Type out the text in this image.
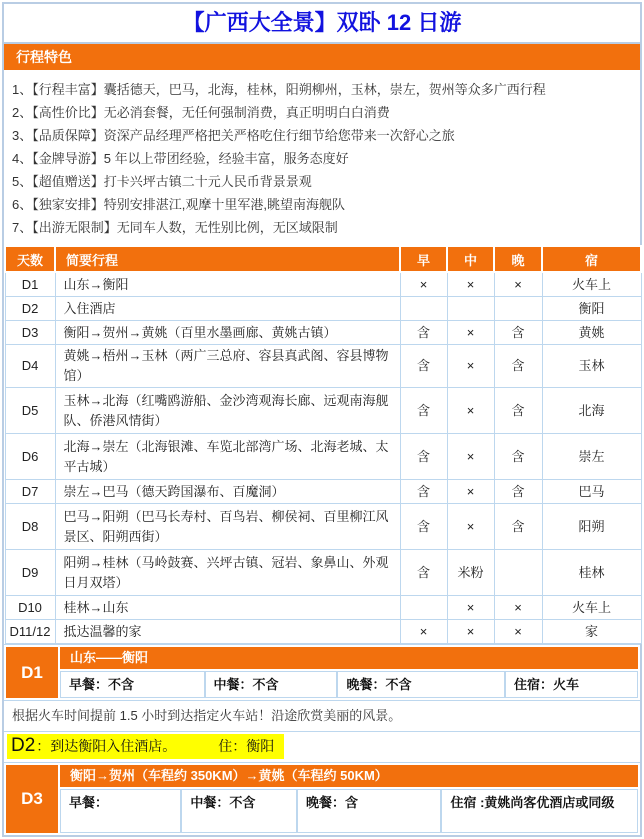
【广西大全景】双卧 12 日游
行程特色
1、【行程丰富】囊括德天，巴马，北海，桂林，阳朔柳州，玉林，崇左，贺州等众多广西行程
2、【高性价比】无必消套餐，无任何强制消费，真正明明白白消费
3、【品质保障】资深产品经理严格把关严格吃住行细节给您带来一次舒心之旅
4、【金牌导游】5 年以上带团经验，经验丰富，服务态度好
5、【超值赠送】打卡兴坪古镇二十元人民币背景景观
6、【独家安排】特别安排湛江,观摩十里军港,眺望南海舰队
7、【出游无限制】无同车人数，无性别比例，无区域限制
天数	简要行程	早	中	晚	宿
D1	山东→衡阳	×	×	×	火车上
D2	入住酒店				衡阳
D3	衡阳→贺州→黄姚（百里水墨画廊、黄姚古镇）	含	×	含	黄姚
D4	黄姚→梧州→玉林（两广三总府、容县真武阁、容县博物馆）	含	×	含	玉林
D5	玉林→北海（红嘴鸥游船、金沙湾观海长廊、远观南海舰队、侨港风情街）	含	×	含	北海
D6	北海→崇左（北海银滩、车览北部湾广场、北海老城、太平古城）	含	×	含	崇左
D7	崇左→巴马（德天跨国瀑布、百魔洞）	含	×	含	巴马
D8	巴马→阳朔（巴马长寿村、百鸟岩、柳侯祠、百里柳江风景区、阳朔西街）	含	×	含	阳朔
D9	阳朔→桂林（马岭鼓赛、兴坪古镇、冠岩、象鼻山、外观日月双塔）	含	米粉		桂林
D10	桂林→山东		×	×	火车上
D11/12	抵达温馨的家	×	×	×	家
D1
山东——衡阳
早餐：不含	中餐：不含	晚餐：不含	住宿：火车
根据火车时间提前 1.5 小时到达指定火车站！沿途欣赏美丽的风景。
D2：到达衡阳入住酒店。	住：衡阳
D3
衡阳→贺州（车程约 350KM）→黄姚（车程约 50KM）
早餐：	中餐：不含	晚餐：含	住宿 :黄姚尚客优酒店或同级
